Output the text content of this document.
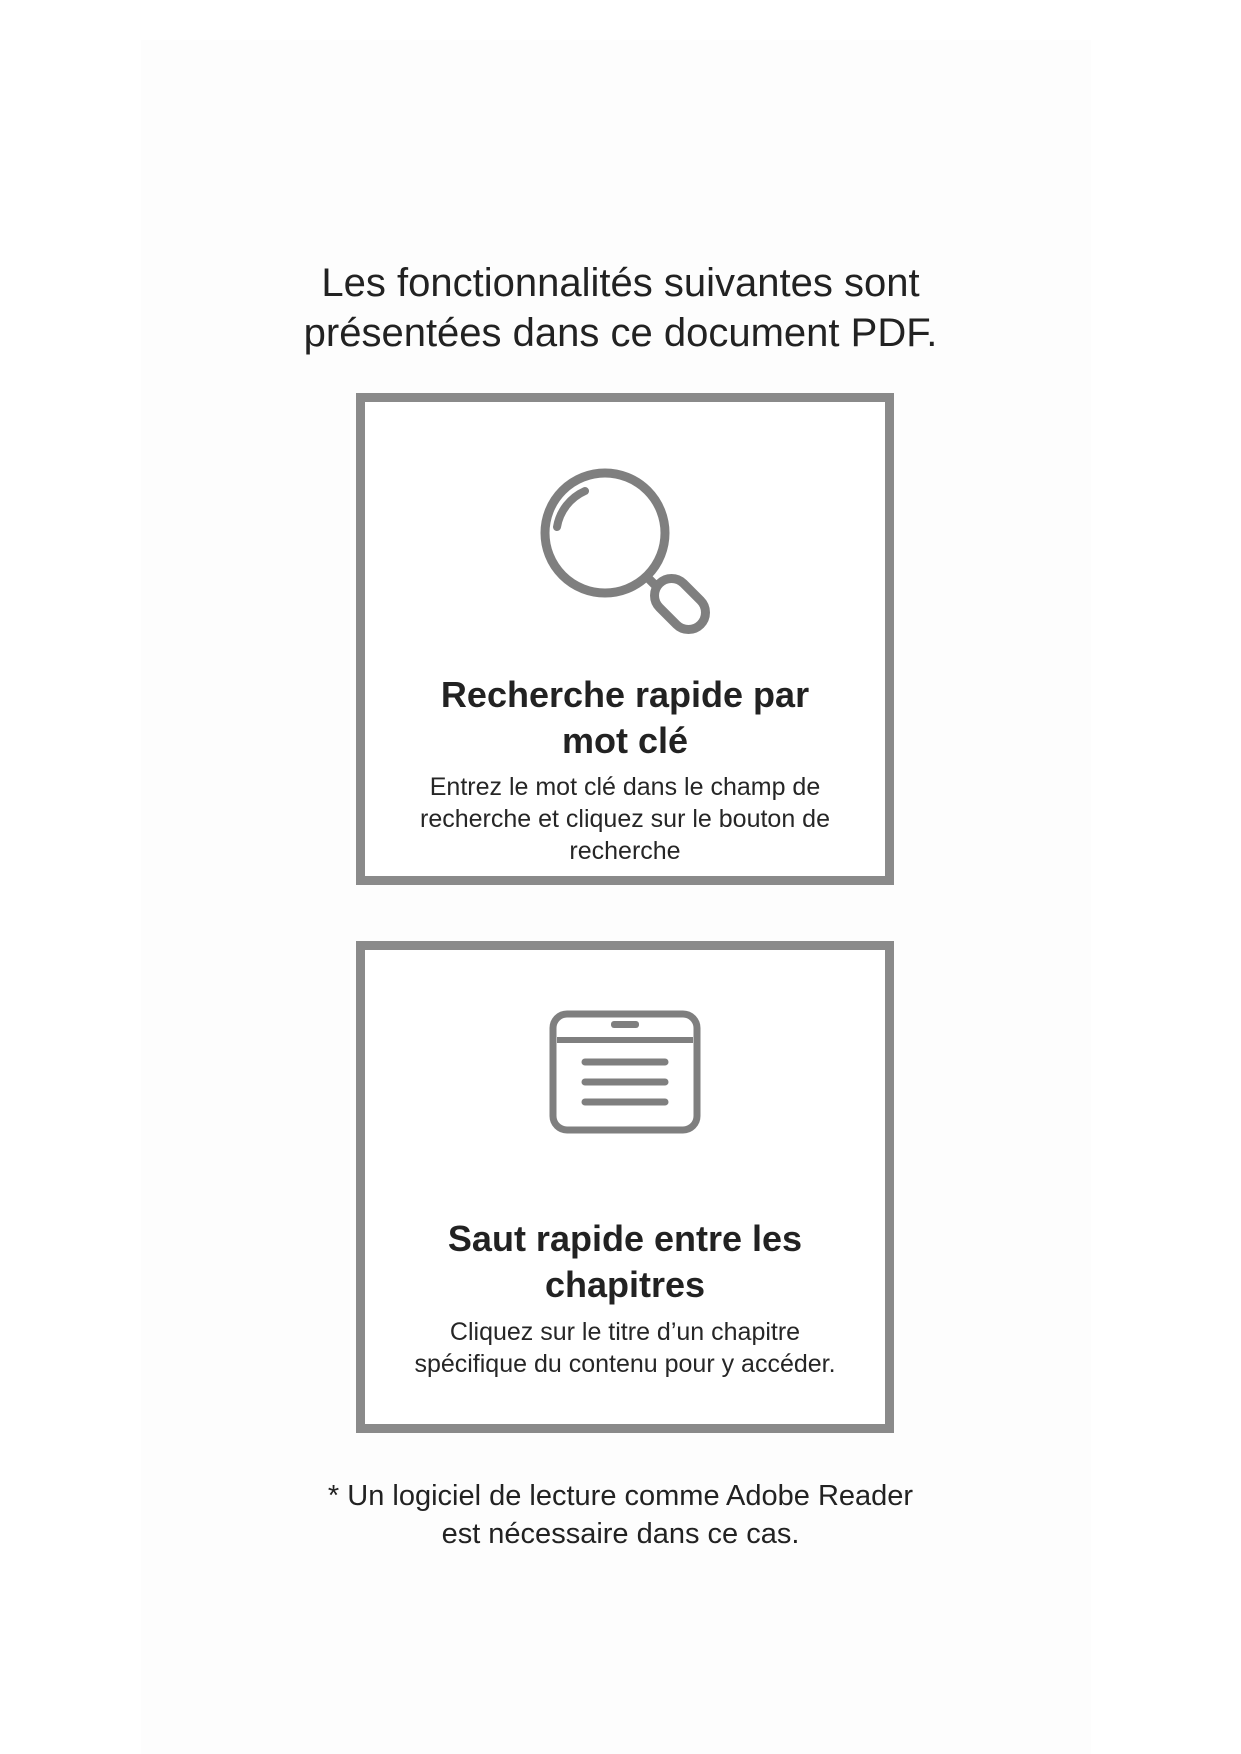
Les fonctionnalités suivantes sont
présentées dans ce document PDF.
Recherche rapide par
mot clé
Entrez le mot clé dans le champ de
recherche et cliquez sur le bouton de
recherche
Saut rapide entre les
chapitres
Cliquez sur le titre d’un chapitre
spécifique du contenu pour y accéder.
* Un logiciel de lecture comme Adobe Reader
est nécessaire dans ce cas.
